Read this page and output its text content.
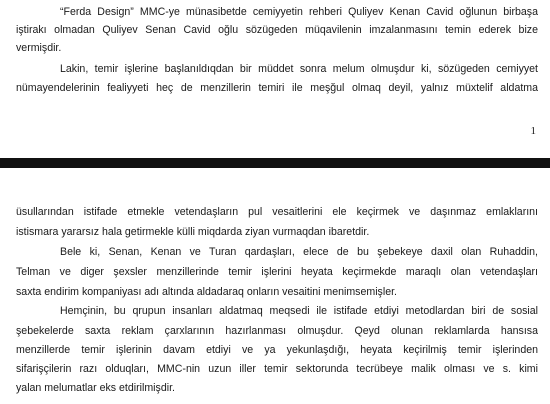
“Ferda Design” MMC-ye münasibetde cemiyyetin rehberi Quliyev Kenan Cavid oğlunun birbaşa
iştirakı olmadan Quliyev Senan Cavid oğlu sözügeden müqavilenin imzalanmasını temin ederek bize
vermişdir.
Lakin, temir işlerine başlanıldıqdan bir müddet sonra melum olmuşdur ki, sözügeden cemiyyet
nümayendelerinin fealiyyeti heç de menzillerin temiri ile meşğul olmaq deyil, yalnız müxtelif aldatma
1
üsullarından istifade etmekle vetendaşların pul vesaitlerini ele keçirmek ve daşınmaz emlaklarını
istismara yararsız hala getirmekle külli miqdarda ziyan vurmaqdan ibaretdir.
Bele ki, Senan, Kenan ve Turan qardaşları, elece de bu şebekeye daxil olan Ruhaddin,
Telman ve diger şexsler menzillerinde temir işlerini heyata keçirmekde maraqlı olan vetendaşları
saxta endirim kompaniyası adı altında aldadaraq onların vesaitini menimsemişler.
Hemçinin, bu qrupun insanları aldatmaq meqsedi ile istifade etdiyi metodlardan biri de sosial
şebekelerde saxta reklam çarxlarının hazırlanması olmuşdur. Qeyd olunan reklamlarda hansısa
menzillerde temir işlerinin davam etdiyi ve ya yekunlaşdığı, heyata keçirilmiş temir işlerinden
sifarişçilerin razı olduqları, MMC-nin uzun iller temir sektorunda tecrübeye malik olması ve s. kimi
yalan melumatlar eks etdirilmişdir.
